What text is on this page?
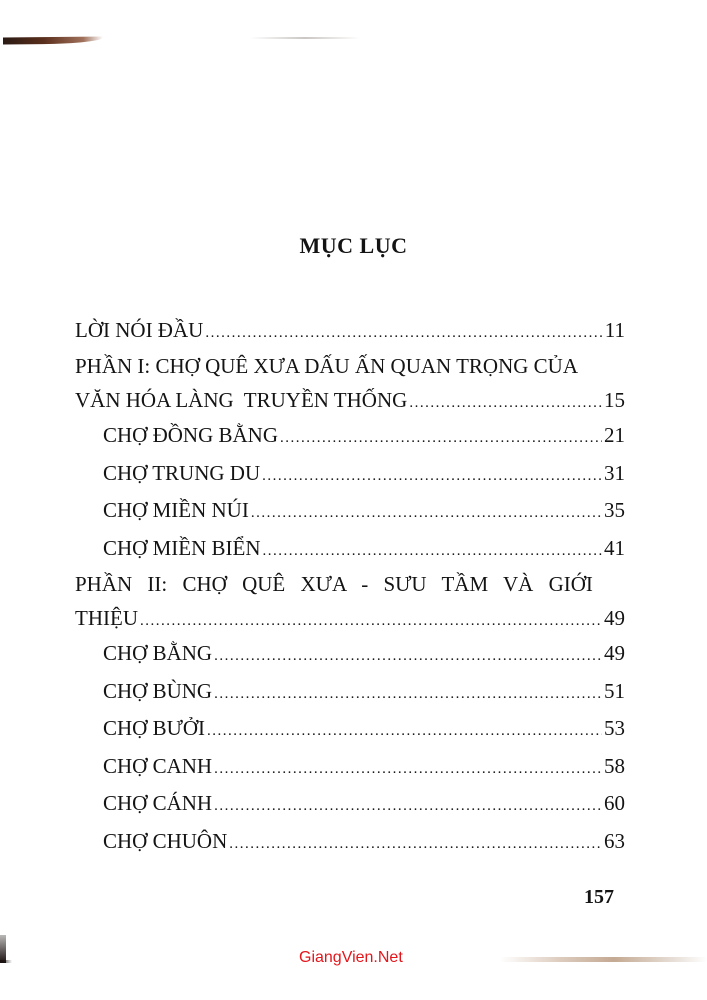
MỤC LỤC
LỜI NÓI ĐẦU .....	11
PHẦN I: CHỢ QUÊ XƯA DẤU ẤN QUAN TRỌNG CỦA
VĂN HÓA LÀNG  TRUYỀN THỐNG .....	15
CHỢ ĐỒNG BẰNG .....	21
CHỢ TRUNG DU .....	31
CHỢ MIỀN NÚI .....	35
CHỢ MIỀN BIỂN .....	41
PHẦN II: CHỢ QUÊ XƯA - SƯU TẦM VÀ GIỚI
THIỆU .....	49
CHỢ BẰNG .....	49
CHỢ BÙNG .....	51
CHỢ BƯỞI .....	53
CHỢ CANH .....	58
CHỢ CÁNH .....	60
CHỢ CHUÔN .....	63
157
GiangVien.Net
